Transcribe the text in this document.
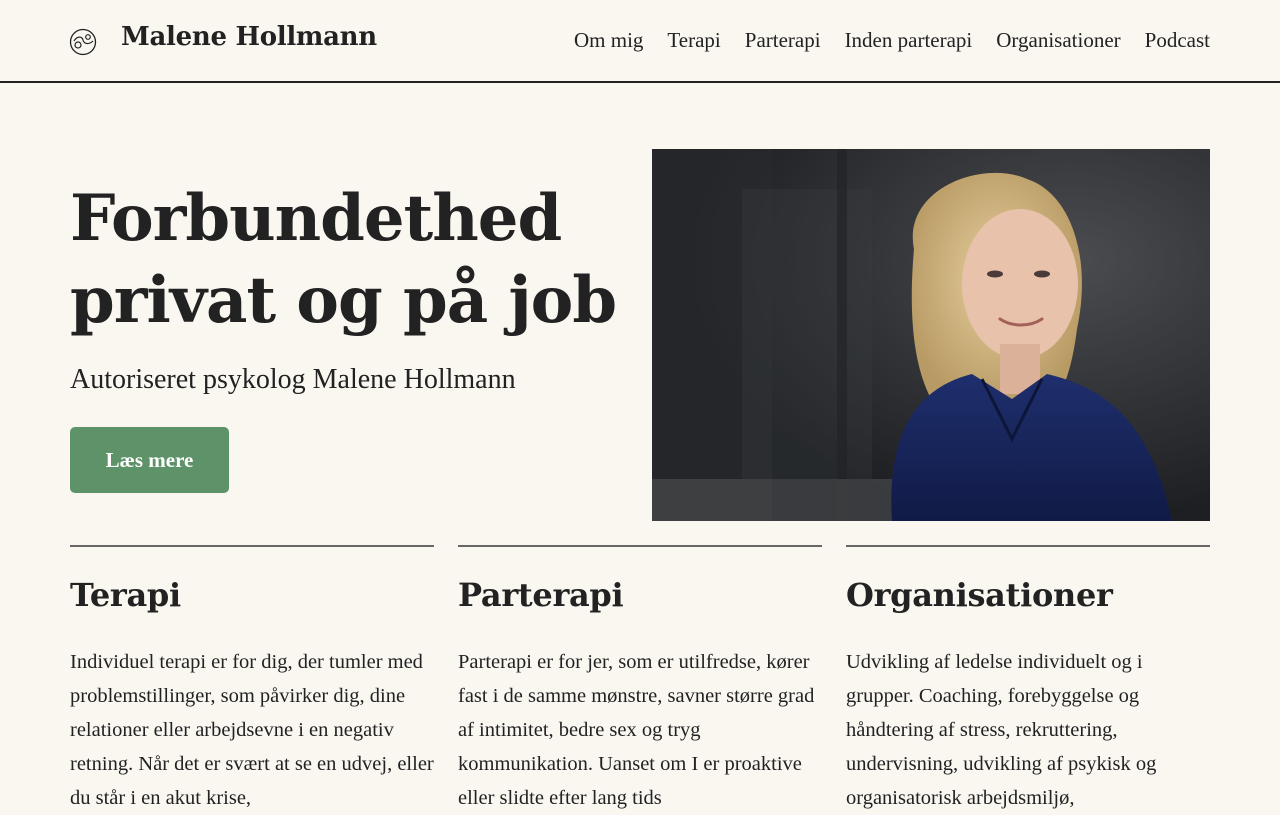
Malene Hollmann	Om mig Terapi Parterapi Inden parterapi Organisationer Podcast
Forbundethed
privat og på job
Autoriseret psykolog Malene Hollmann
Læs mere
Terapi

Individuel terapi er for dig, der tumler med problemstillinger, som påvirker dig, dine relationer eller arbejdsevne i en negativ retning. Når det er svært at se en udvej, eller du står i en akut krise,

Parterapi

Parterapi er for jer, som er utilfredse, kører fast i de samme mønstre, savner større grad af intimitet, bedre sex og tryg kommunikation. Uanset om I er proaktive eller slidte efter lang tids

Organisationer

Udvikling af ledelse individuelt og i grupper. Coaching, forebyggelse og håndtering af stress, rekruttering, undervisning, udvikling af psykisk og organisatorisk arbejdsmiljø,
